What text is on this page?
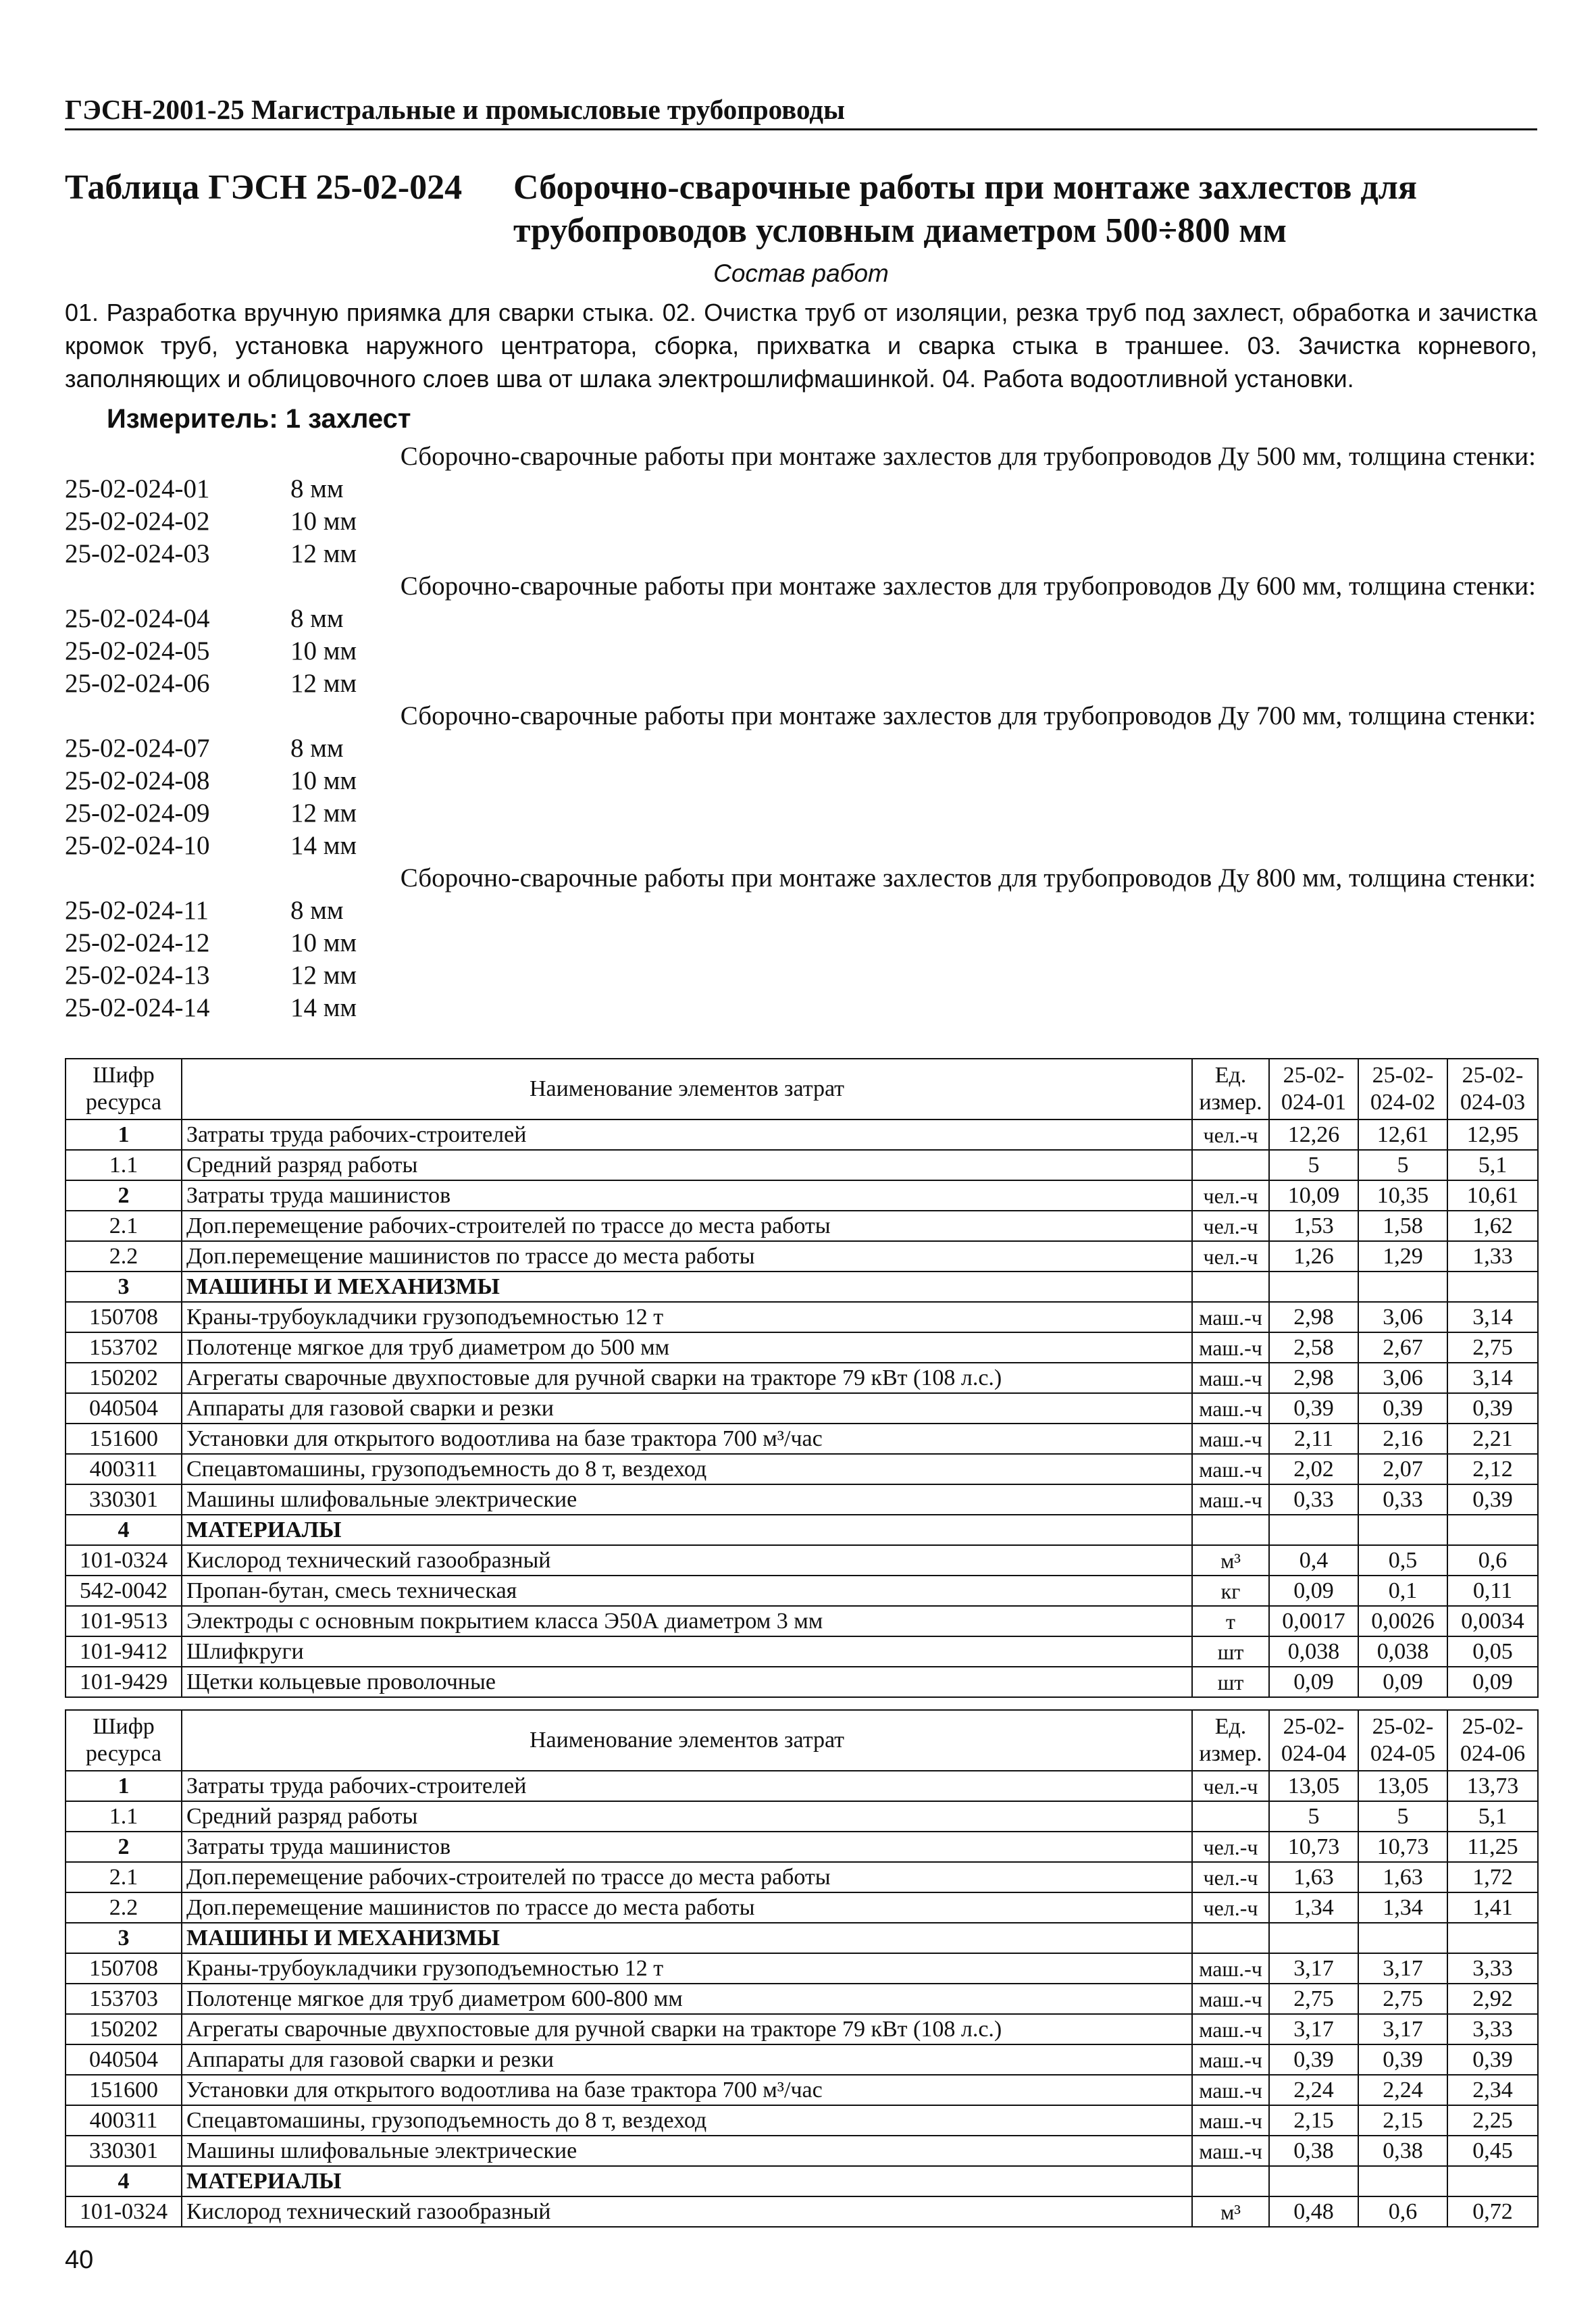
ГЭСН-2001-25 Магистральные и промысловые трубопроводы
Таблица ГЭСН 25-02-024	Сборочно-сварочные работы при монтаже захлестов для трубопроводов условным диаметром 500÷800 мм
Состав работ
01. Разработка вручную приямка для сварки стыка. 02. Очистка труб от изоляции, резка труб под захлест, обработка и зачистка кромок труб, установка наружного центратора, сборка, прихватка и сварка стыка в траншее. 03. Зачистка корневого, заполняющих и облицовочного слоев шва от шлака электрошлифмашинкой. 04. Работа водоотливной установки.
Измеритель: 1 захлест
Сборочно-сварочные работы при монтаже захлестов для трубопроводов Ду 500 мм, толщина стенки:
25-02-024-01	8 мм
25-02-024-02	10 мм
25-02-024-03	12 мм
Сборочно-сварочные работы при монтаже захлестов для трубопроводов Ду 600 мм, толщина стенки:
25-02-024-04	8 мм
25-02-024-05	10 мм
25-02-024-06	12 мм
Сборочно-сварочные работы при монтаже захлестов для трубопроводов Ду 700 мм, толщина стенки:
25-02-024-07	8 мм
25-02-024-08	10 мм
25-02-024-09	12 мм
25-02-024-10	14 мм
Сборочно-сварочные работы при монтаже захлестов для трубопроводов Ду 800 мм, толщина стенки:
25-02-024-11	8 мм
25-02-024-12	10 мм
25-02-024-13	12 мм
25-02-024-14	14 мм
Шифр ресурса	Наименование элементов затрат	Ед. измер.	25-02-024-01	25-02-024-02	25-02-024-03
1	Затраты труда рабочих-строителей	чел.-ч	12,26	12,61	12,95
1.1	Средний разряд работы		5	5	5,1
2	Затраты труда машинистов	чел.-ч	10,09	10,35	10,61
2.1	Доп.перемещение рабочих-строителей по трассе до места работы	чел.-ч	1,53	1,58	1,62
2.2	Доп.перемещение машинистов по трассе до места работы	чел.-ч	1,26	1,29	1,33
3	МАШИНЫ И МЕХАНИЗМЫ				
150708	Краны-трубоукладчики грузоподъемностью 12 т	маш.-ч	2,98	3,06	3,14
153702	Полотенце мягкое для труб диаметром до 500 мм	маш.-ч	2,58	2,67	2,75
150202	Агрегаты сварочные двухпостовые для ручной сварки на тракторе 79 кВт (108 л.с.)	маш.-ч	2,98	3,06	3,14
040504	Аппараты для газовой сварки и резки	маш.-ч	0,39	0,39	0,39
151600	Установки для открытого водоотлива на базе трактора 700 м³/час	маш.-ч	2,11	2,16	2,21
400311	Спецавтомашины, грузоподъемность до 8 т, вездеход	маш.-ч	2,02	2,07	2,12
330301	Машины шлифовальные электрические	маш.-ч	0,33	0,33	0,39
4	МАТЕРИАЛЫ				
101-0324	Кислород технический газообразный	м³	0,4	0,5	0,6
542-0042	Пропан-бутан, смесь техническая	кг	0,09	0,1	0,11
101-9513	Электроды с основным покрытием класса Э50А диаметром 3 мм	т	0,0017	0,0026	0,0034
101-9412	Шлифкруги	шт	0,038	0,038	0,05
101-9429	Щетки кольцевые проволочные	шт	0,09	0,09	0,09
Шифр ресурса	Наименование элементов затрат	Ед. измер.	25-02-024-04	25-02-024-05	25-02-024-06
1	Затраты труда рабочих-строителей	чел.-ч	13,05	13,05	13,73
1.1	Средний разряд работы		5	5	5,1
2	Затраты труда машинистов	чел.-ч	10,73	10,73	11,25
2.1	Доп.перемещение рабочих-строителей по трассе до места работы	чел.-ч	1,63	1,63	1,72
2.2	Доп.перемещение машинистов по трассе до места работы	чел.-ч	1,34	1,34	1,41
3	МАШИНЫ И МЕХАНИЗМЫ				
150708	Краны-трубоукладчики грузоподъемностью 12 т	маш.-ч	3,17	3,17	3,33
153703	Полотенце мягкое для труб диаметром 600-800 мм	маш.-ч	2,75	2,75	2,92
150202	Агрегаты сварочные двухпостовые для ручной сварки на тракторе 79 кВт (108 л.с.)	маш.-ч	3,17	3,17	3,33
040504	Аппараты для газовой сварки и резки	маш.-ч	0,39	0,39	0,39
151600	Установки для открытого водоотлива на базе трактора 700 м³/час	маш.-ч	2,24	2,24	2,34
400311	Спецавтомашины, грузоподъемность до 8 т, вездеход	маш.-ч	2,15	2,15	2,25
330301	Машины шлифовальные электрические	маш.-ч	0,38	0,38	0,45
4	МАТЕРИАЛЫ				
101-0324	Кислород технический газообразный	м³	0,48	0,6	0,72
40
